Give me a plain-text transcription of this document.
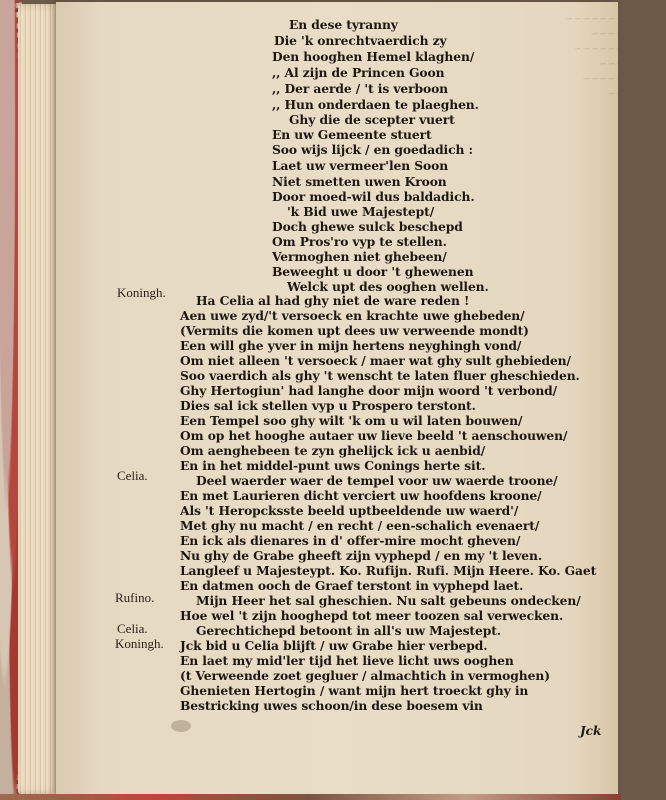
~~~~~~~~~~~~
~~~~~~~~~
~~~~~~~~~~~
~~~~~~~~
~~~~~~~~~~
~~~~~~~
En dese tyranny
Die 'k onrechtvaerdich zy
Den hooghen Hemel klaghen/
,, Al zijn de Princen Goon
,, Der aerde / 't is verboon
,, Hun onderdaen te plaeghen.
Ghy die de scepter vuert
En uw Gemeente stuert
Soo wijs lijck / en goedadich :
Laet uw vermeer'len Soon
Niet smetten uwen Kroon
Door moed-wil dus baldadich.
'k Bid uwe Majestept/
Doch ghewe sulck beschepd
Om Pros'ro vyp te stellen.
Vermoghen niet ghebeen/
Beweeght u door 't ghewenen
Welck upt des ooghen wellen.
Koningh.
Ha Celia al had ghy niet de ware reden !
Aen uwe zyd/'t versoeck en krachte uwe ghebeden/
(Vermits die komen upt dees uw verweende mondt)
Een will ghe yver in mijn hertens neyghingh vond/
Om niet alleen 't versoeck / maer wat ghy sult ghebieden/
Soo vaerdich als ghy 't wenscht te laten fluer gheschieden.
Ghy Hertogiun' had langhe door mijn woord 't verbond/
Dies sal ick stellen vyp u Prospero terstont.
Een Tempel soo ghy wilt 'k om u wil laten bouwen/
Om op het hooghe autaer uw lieve beeld 't aenschouwen/
Om aenghebeen te zyn ghelijck ick u aenbid/
En in het middel-punt uws Conings herte sit.
Celia.	Deel waerder waer de tempel voor uw waerde troone/
En met Laurieren dicht verciert uw hoofdens kroone/
Als 't Heropcksste beeld uptbeeldende uw waerd'/
Met ghy nu macht / en recht / een-schalich evenaert/
En ick als dienares in d' offer-mire mocht gheven/
Nu ghy de Grabe gheeft zijn vyphepd / en my 't leven.
Langleef u Majesteypt. Ko. Rufijn. Rufi. Mijn Heere. Ko. Gaet
En datmen ooch de Graef terstont in vyphepd laet.
Rufino.	Mijn Heer het sal gheschien. Nu salt gebeuns ondecken/
Hoe wel 't zijn hooghepd tot meer toozen sal verwecken.
Celia.	Gerechtichepd betoont in all's uw Majestept.
Koningh. Jck bid u Celia blijft / uw Grabe hier verbepd.
En laet my mid'ler tijd het lieve licht uws ooghen
(t Verweende zoet gegluer / almachtich in vermoghen)
Ghenieten Hertogin / want mijn hert troeckt ghy in
Bestricking uwes schoon/in dese boesem vin
Jck
